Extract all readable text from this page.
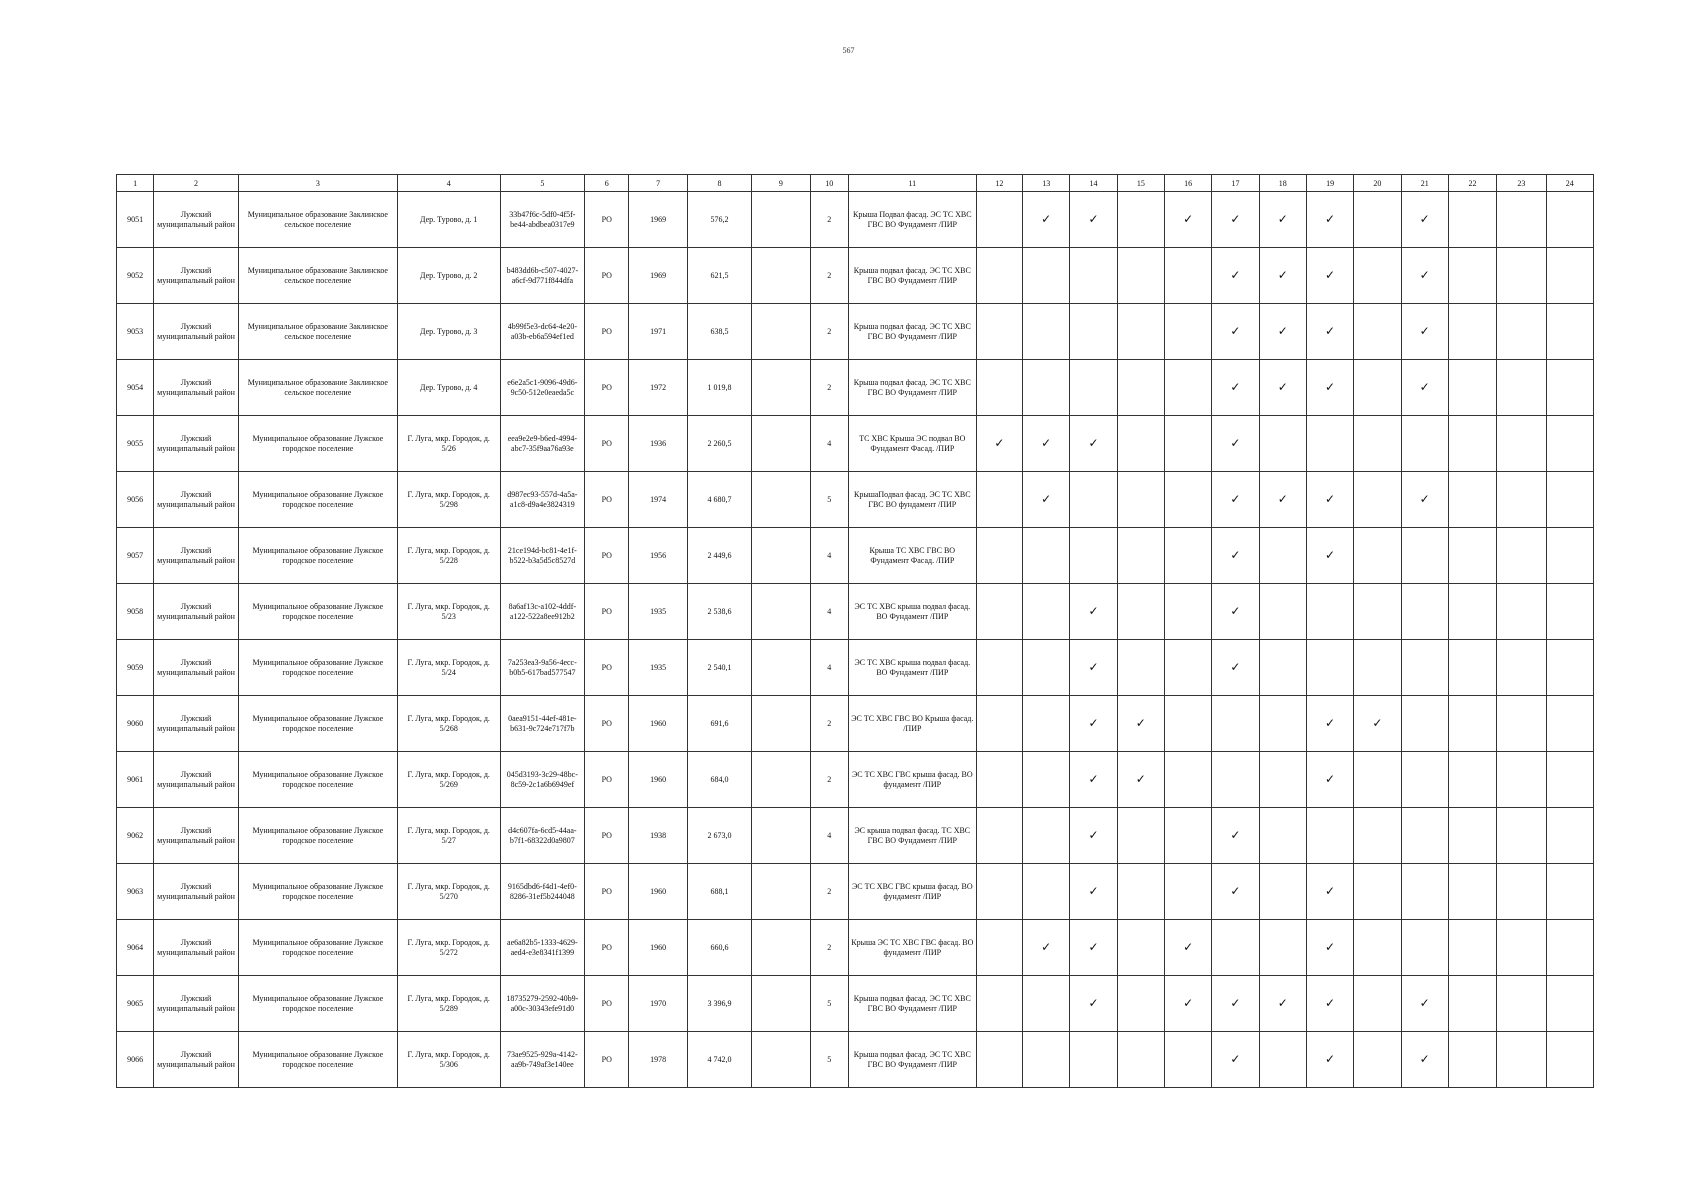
567
1	2	3	4	5	6	7	8	9	10	11	12	13	14	15	16	17	18	19	20	21	22	23	24
9051	Лужский муниципальный район	Муниципальное образование Заклинское сельское поселение	Дер. Турово, д. 1	33b47f6c-5df0-4f5f-be44-abdbea0317e9	РО	1969	576,2		2	Крыша Подвал фасад. ЭС ТС ХВС ГВС ВО Фундамент /ПИР		✓	✓		✓	✓	✓	✓		✓			
9052	Лужский муниципальный район	Муниципальное образование Заклинское сельское поселение	Дер. Турово, д. 2	b483dd6b-c507-4027-a6cf-9d771f844dfa	РО	1969	621,5		2	Крыша подвал фасад. ЭС ТС ХВС ГВС ВО Фундамент /ПИР						✓	✓	✓		✓			
9053	Лужский муниципальный район	Муниципальное образование Заклинское сельское поселение	Дер. Турово, д. 3	4b99f5e3-dc64-4e20-a03b-eb6a594ef1ed	РО	1971	638,5		2	Крыша подвал фасад. ЭС ТС ХВС ГВС ВО Фундамент /ПИР						✓	✓	✓		✓			
9054	Лужский муниципальный район	Муниципальное образование Заклинское сельское поселение	Дер. Турово, д. 4	e6e2a5c1-9096-49d6-9c50-512e0eaeda5c	РО	1972	1 019,8		2	Крыша подвал фасад. ЭС ТС ХВС ГВС ВО Фундамент /ПИР						✓	✓	✓		✓			
9055	Лужский муниципальный район	Муниципальное образование Лужское городское поселение	Г. Луга, мкр. Городок, д. 5/26	eea9e2e9-b6ed-4994-abc7-35f9aa76a93e	РО	1936	2 260,5		4	ТС ХВС Крыша ЭС подвал ВО Фундамент Фасад. /ПИР	✓	✓	✓			✓							
9056	Лужский муниципальный район	Муниципальное образование Лужское городское поселение	Г. Луга, мкр. Городок, д. 5/298	d987ec93-557d-4a5a-a1c8-d9a4e3824319	РО	1974	4 680,7		5	КрышаПодвал фасад. ЭС ТС ХВС ГВС ВО фундамент /ПИР		✓				✓	✓	✓		✓			
9057	Лужский муниципальный район	Муниципальное образование Лужское городское поселение	Г. Луга, мкр. Городок, д. 5/228	21ce194d-bc81-4e1f-b522-b3a5d5c8527d	РО	1956	2 449,6		4	Крыша ТС ХВС ГВС ВО Фундамент Фасад. /ПИР						✓		✓					
9058	Лужский муниципальный район	Муниципальное образование Лужское городское поселение	Г. Луга, мкр. Городок, д. 5/23	8a6af13c-a102-4ddf-a122-522a8ee912b2	РО	1935	2 538,6		4	ЭС ТС ХВС крыша подвал фасад. ВО Фундамент /ПИР			✓			✓							
9059	Лужский муниципальный район	Муниципальное образование Лужское городское поселение	Г. Луга, мкр. Городок, д. 5/24	7a253ea3-9a56-4ecc-b0b5-617bad577547	РО	1935	2 540,1		4	ЭС ТС ХВС крыша подвал фасад. ВО Фундамент /ПИР			✓			✓							
9060	Лужский муниципальный район	Муниципальное образование Лужское городское поселение	Г. Луга, мкр. Городок, д. 5/268	0aea9151-44ef-481e-b631-9c724e717f7b	РО	1960	691,6		2	ЭС ТС ХВС ГВС ВО Крыша фасад. /ПИР			✓	✓				✓	✓				
9061	Лужский муниципальный район	Муниципальное образование Лужское городское поселение	Г. Луга, мкр. Городок, д. 5/269	045d3193-3c29-48bc-8c59-2c1a6b6949ef	РО	1960	684,0		2	ЭС ТС ХВС ГВС крыша фасад. ВО фундамент /ПИР			✓	✓				✓					
9062	Лужский муниципальный район	Муниципальное образование Лужское городское поселение	Г. Луга, мкр. Городок, д. 5/27	d4c607fa-6cd5-44aa-b7f1-68322d0a9807	РО	1938	2 673,0		4	ЭС крыша подвал фасад. ТС ХВС ГВС ВО Фундамент /ПИР			✓			✓							
9063	Лужский муниципальный район	Муниципальное образование Лужское городское поселение	Г. Луга, мкр. Городок, д. 5/270	9165dbd6-f4d1-4ef0-8286-31ef5b244048	РО	1960	688,1		2	ЭС ТС ХВС ГВС крыша фасад. ВО фундамент /ПИР			✓			✓		✓					
9064	Лужский муниципальный район	Муниципальное образование Лужское городское поселение	Г. Луга, мкр. Городок, д. 5/272	ae6a82b5-1333-4629-aed4-e3e8341f1399	РО	1960	660,6		2	Крыша ЭС ТС ХВС ГВС фасад. ВО фундамент /ПИР		✓	✓		✓			✓					
9065	Лужский муниципальный район	Муниципальное образование Лужское городское поселение	Г. Луга, мкр. Городок, д. 5/289	18735279-2592-40b9-a00c-30343efe91d0	РО	1970	3 396,9		5	Крыша подвал фасад. ЭС ТС ХВС ГВС ВО Фундамент /ПИР			✓		✓	✓	✓	✓		✓			
9066	Лужский муниципальный район	Муниципальное образование Лужское городское поселение	Г. Луга, мкр. Городок, д. 5/306	73ae9525-929a-4142-aa9b-749af3e140ee	РО	1978	4 742,0		5	Крыша подвал фасад. ЭС ТС ХВС ГВС ВО Фундамент /ПИР						✓		✓		✓			
